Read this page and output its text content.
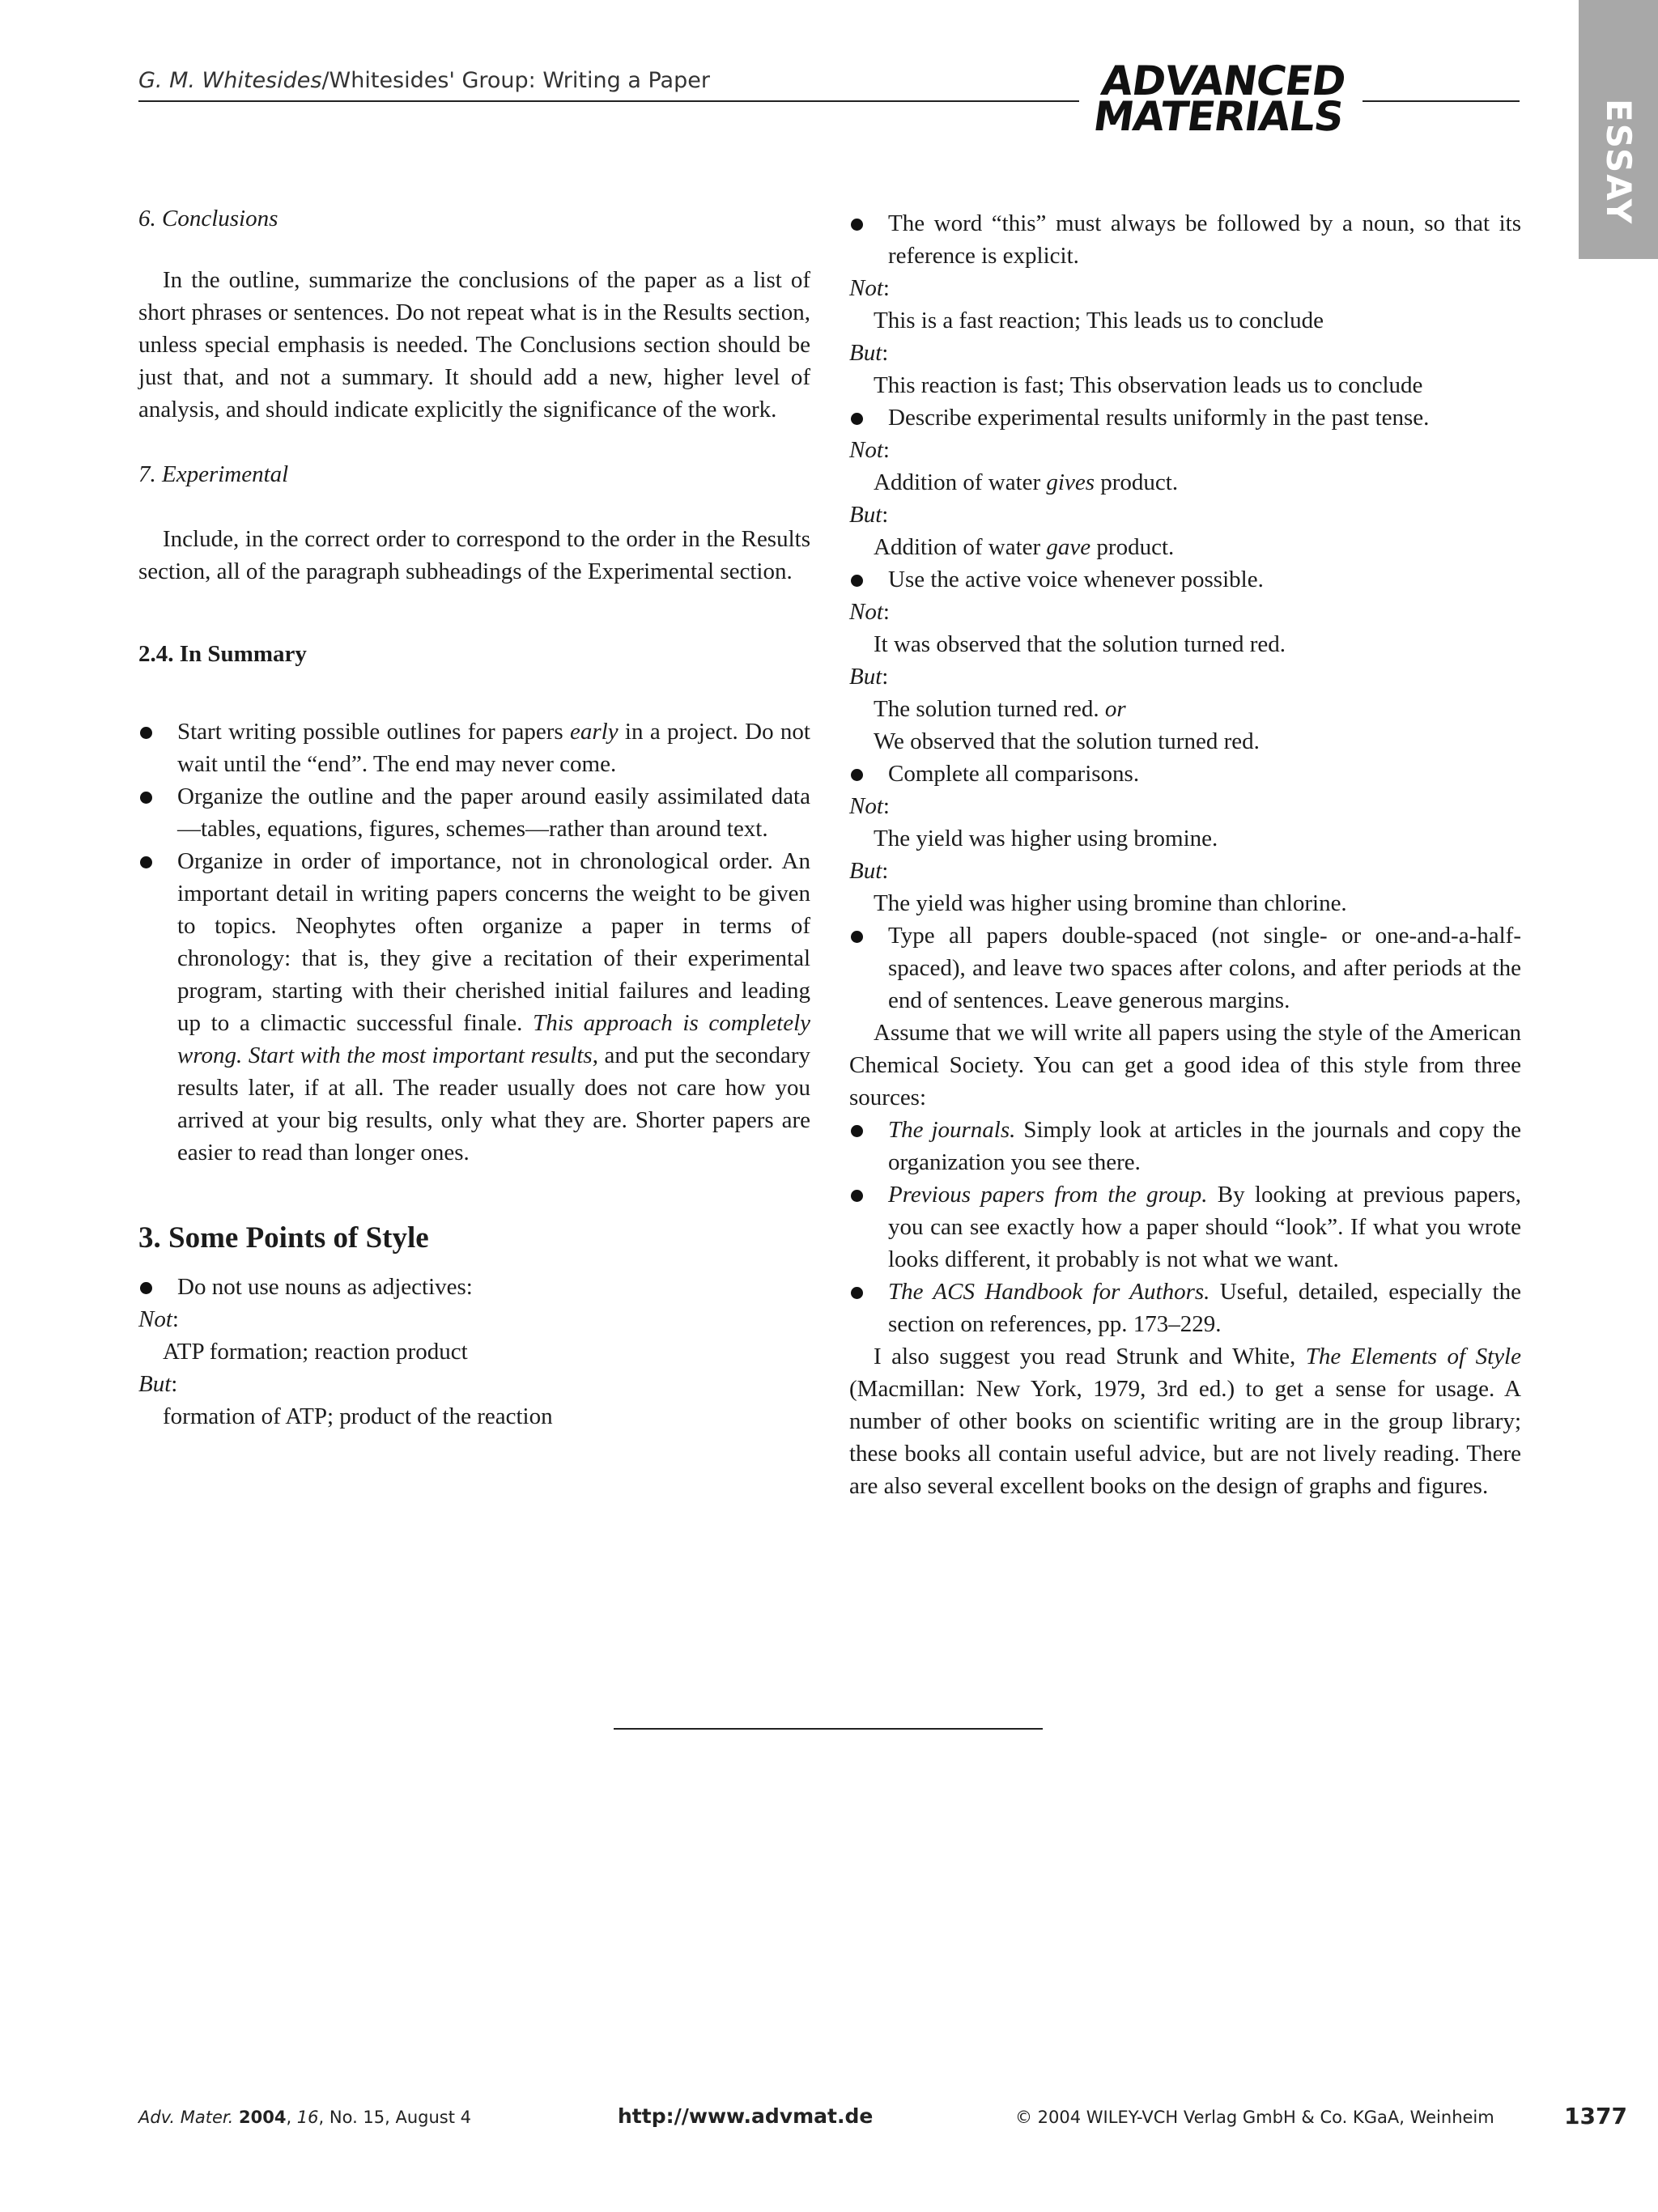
G. M. Whitesides/Whitesides' Group: Writing a Paper	ADVANCED
MATERIALS	ESSAY

6. Conclusions

In the outline, summarize the conclusions of the paper as a list of short phrases or sentences. Do not repeat what is in the Results section, unless special emphasis is needed. The Conclusions section should be just that, and not a summary. It should add a new, higher level of analysis, and should indicate explicitly the significance of the work.

7. Experimental

Include, in the correct order to correspond to the order in the Results section, all of the paragraph subheadings of the Experimental section.

2.4. In Summary

Start writing possible outlines for papers early in a project. Do not wait until the “end”. The end may never come.
Organize the outline and the paper around easily assimilated data—tables, equations, figures, schemes—rather than around text.
Organize in order of importance, not in chronological order. An important detail in writing papers concerns the weight to be given to topics. Neophytes often organize a paper in terms of chronology: that is, they give a recitation of their experimental program, starting with their cherished initial failures and leading up to a climactic successful finale. This approach is completely wrong. Start with the most important results, and put the secondary results later, if at all. The reader usually does not care how you arrived at your big results, only what they are. Shorter papers are easier to read than longer ones.

3. Some Points of Style

Do not use nouns as adjectives:

Not:

ATP formation; reaction product

But:

formation of ATP; product of the reaction

The word “this” must always be followed by a noun, so that its reference is explicit.

Not:

This is a fast reaction; This leads us to conclude

But:

This reaction is fast; This observation leads us to conclude

Describe experimental results uniformly in the past tense.

Not:

Addition of water gives product.

But:

Addition of water gave product.

Use the active voice whenever possible.

Not:

It was observed that the solution turned red.

But:

The solution turned red. or

We observed that the solution turned red.

Complete all comparisons.

Not:

The yield was higher using bromine.

But:

The yield was higher using bromine than chlorine.

Type all papers double-spaced (not single- or one-and-a-half-spaced), and leave two spaces after colons, and after periods at the end of sentences. Leave generous margins.

Assume that we will write all papers using the style of the American Chemical Society. You can get a good idea of this style from three sources:

The journals. Simply look at articles in the journals and copy the organization you see there.
Previous papers from the group. By looking at previous papers, you can see exactly how a paper should “look”. If what you wrote looks different, it probably is not what we want.
The ACS Handbook for Authors. Useful, detailed, especially the section on references, pp. 173–229.

I also suggest you read Strunk and White, The Elements of Style (Macmillan: New York, 1979, 3rd ed.) to get a sense for usage. A number of other books on scientific writing are in the group library; these books all contain useful advice, but are not lively reading. There are also several excellent books on the design of graphs and figures.

Adv. Mater. 2004, 16, No. 15, August 4	http://www.advmat.de	© 2004 WILEY-VCH Verlag GmbH & Co. KGaA, Weinheim	1377
